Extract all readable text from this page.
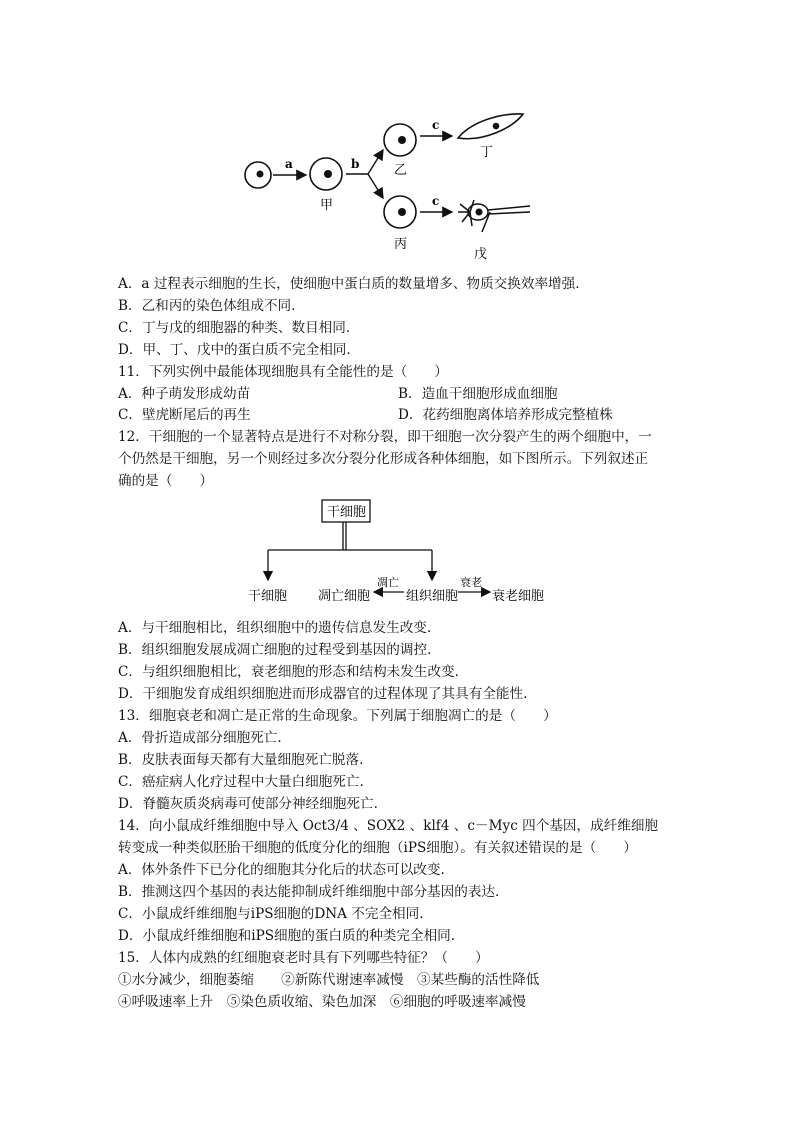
a
甲
b	乙
c
丁
丙
c
戊
A．a 过程表示细胞的生长，使细胞中蛋白质的数量增多、物质交换效率增强.
B．乙和丙的染色体组成不同.
C．丁与戊的细胞器的种类、数目相同.
D．甲、丁、戊中的蛋白质不完全相同.
11．下列实例中最能体现细胞具有全能性的是（　　）
A．种子萌发形成幼苗	B．造血干细胞形成血细胞
C．壁虎断尾后的再生	D．花药细胞离体培养形成完整植株
12．干细胞的一个显著特点是进行不对称分裂，即干细胞一次分裂产生的两个细胞中，一
个仍然是干细胞，另一个则经过多次分裂分化形成各种体细胞，如下图所示。下列叙述正
确的是（　　）
干细胞
干细胞 凋亡细胞
凋亡
组织细胞
衰老
衰老细胞
A．与干细胞相比，组织细胞中的遗传信息发生改变.
B．组织细胞发展成凋亡细胞的过程受到基因的调控.
C．与组织细胞相比，衰老细胞的形态和结构未发生改变.
D．干细胞发育成组织细胞进而形成器官的过程体现了其具有全能性.
13．细胞衰老和凋亡是正常的生命现象。下列属于细胞凋亡的是（　　）
A．骨折造成部分细胞死亡.
B．皮肤表面每天都有大量细胞死亡脱落.
C．癌症病人化疗过程中大量白细胞死亡.
D．脊髓灰质炎病毒可使部分神经细胞死亡.
14．向小鼠成纤维细胞中导入 Oct3/4 、SOX2 、klf4 、c－Myc 四个基因，成纤维细胞
转变成一种类似胚胎干细胞的低度分化的细胞（iPS细胞）。有关叙述错误的是（　　）
A．体外条件下已分化的细胞其分化后的状态可以改变.
B．推测这四个基因的表达能抑制成纤维细胞中部分基因的表达.
C．小鼠成纤维细胞与iPS细胞的DNA 不完全相同.
D．小鼠成纤维细胞和iPS细胞的蛋白质的种类完全相同.
15．人体内成熟的红细胞衰老时具有下列哪些特征？（　　）
①水分减少，细胞萎缩　　②新陈代谢速率减慢　③某些酶的活性降低
④呼吸速率上升　⑤染色质收缩、染色加深　⑥细胞的呼吸速率减慢
